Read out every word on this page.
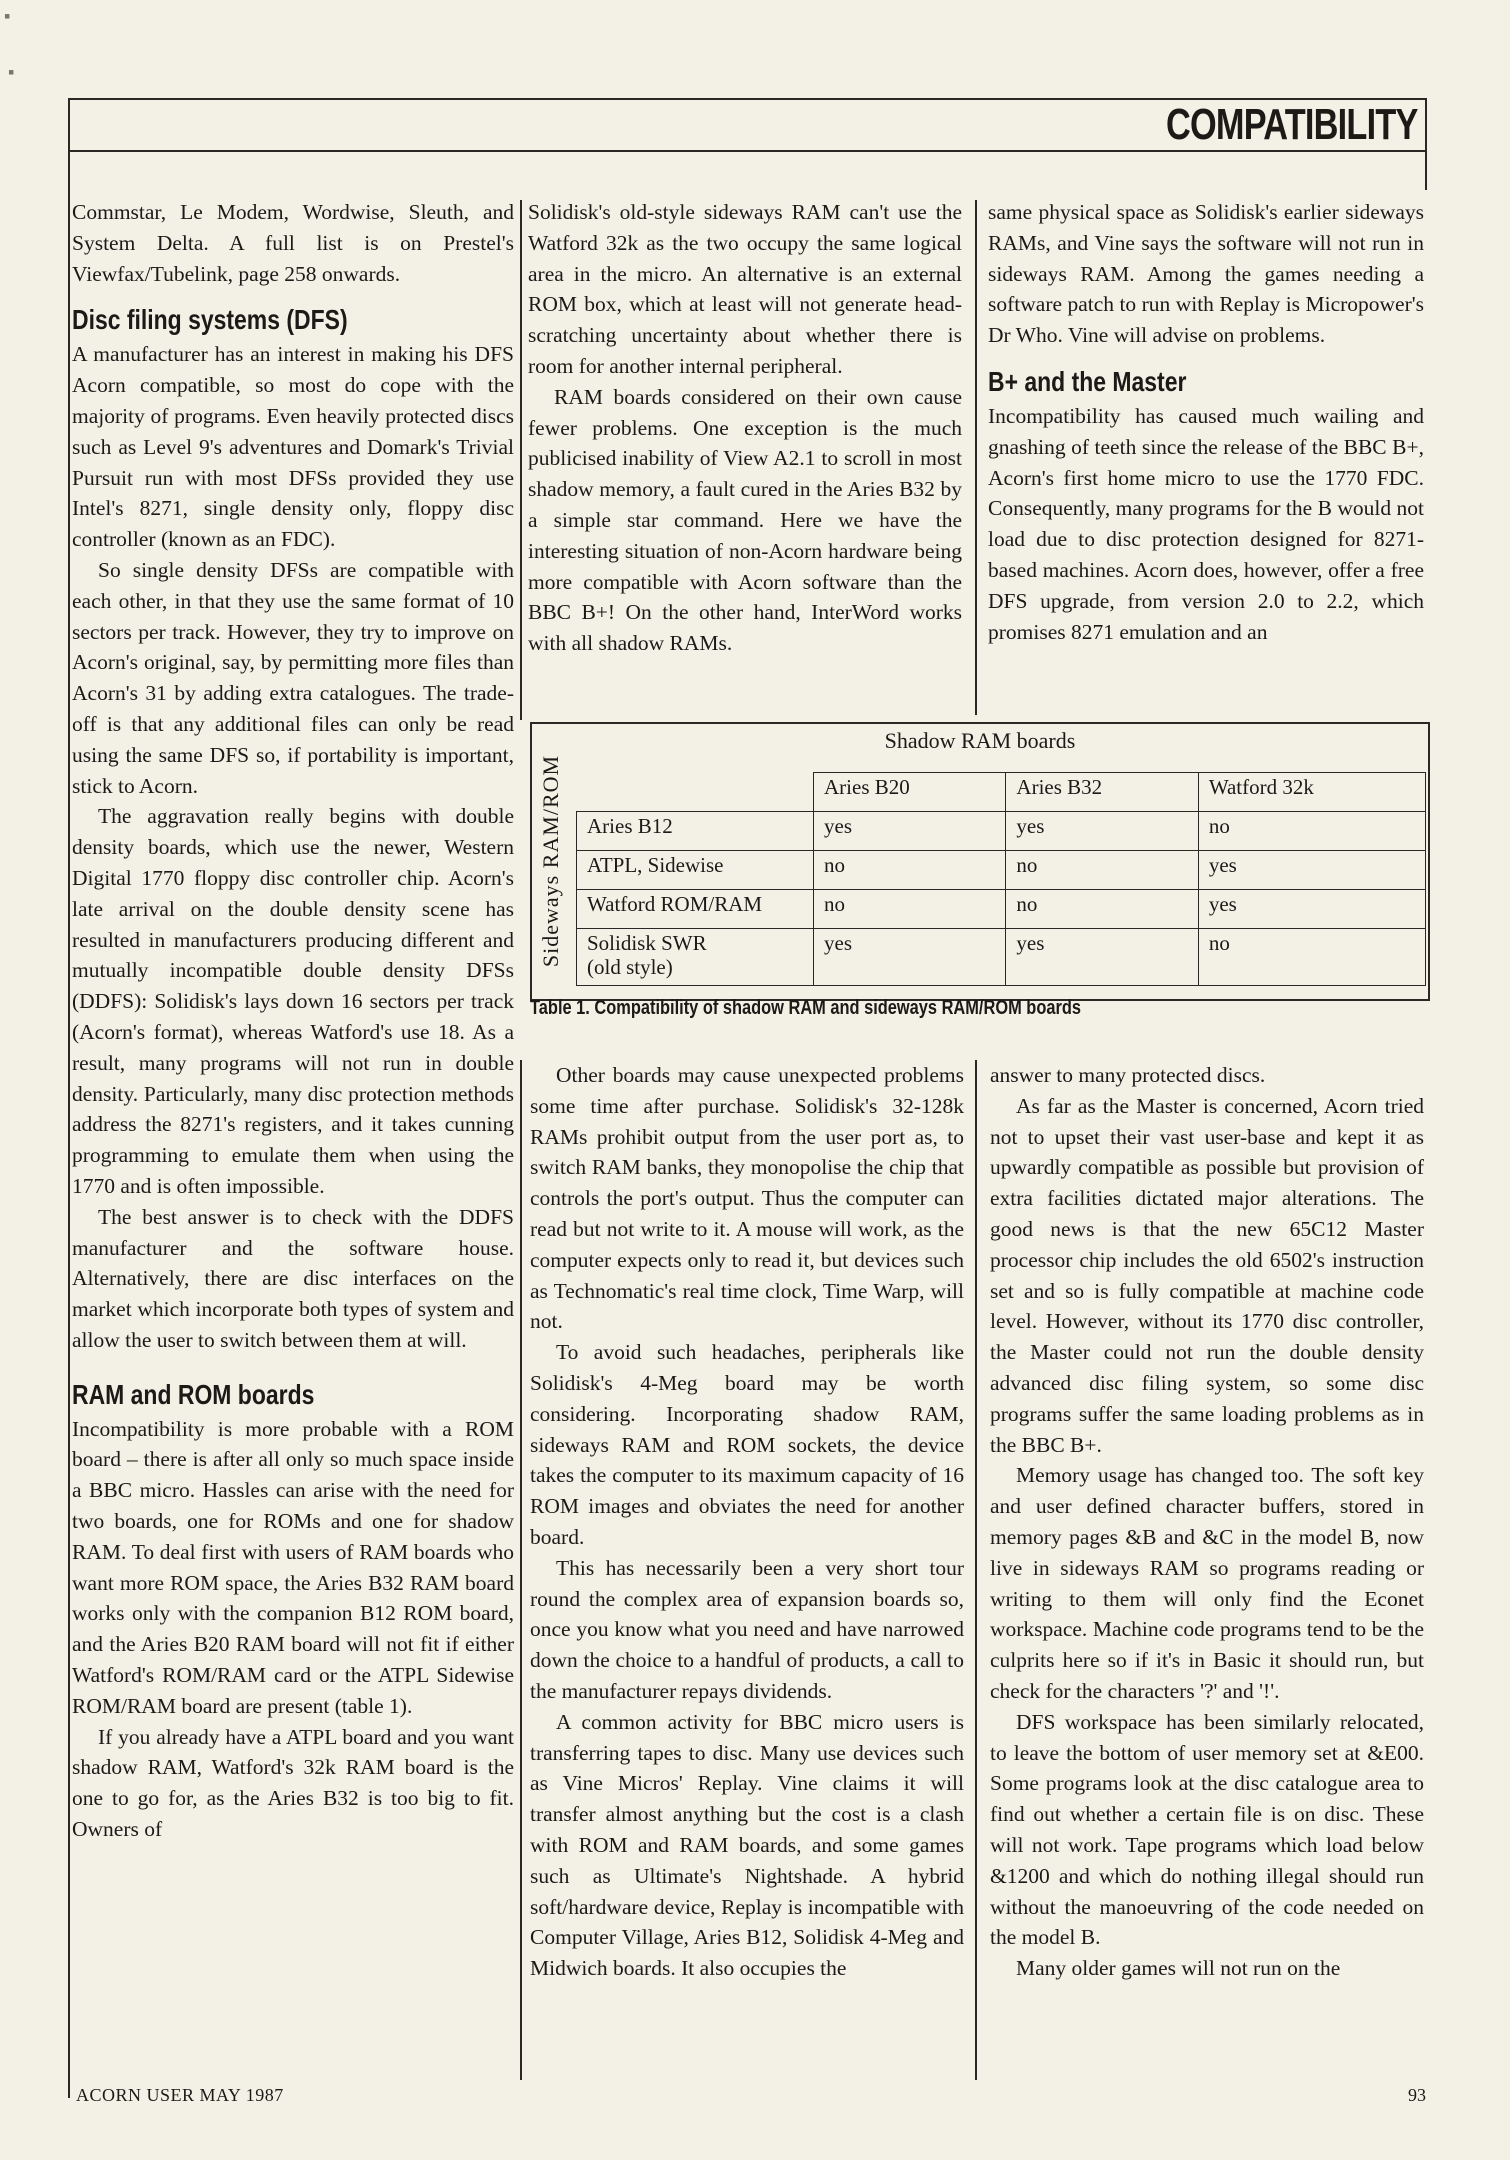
COMPATIBILITY
▪
▪

Commstar, Le Modem, Wordwise, Sleuth, and System Delta. A full list is on Prestel's Viewfax/Tubelink, page 258 onwards.

Disc filing systems (DFS)

A manufacturer has an interest in making his DFS Acorn compatible, so most do cope with the majority of programs. Even heavily protected discs such as Level 9's adventures and Domark's Trivial Pursuit run with most DFSs provided they use Intel's 8271, single density only, floppy disc controller (known as an FDC).

So single density DFSs are compatible with each other, in that they use the same format of 10 sectors per track. However, they try to improve on Acorn's original, say, by permitting more files than Acorn's 31 by adding extra catalogues. The trade-off is that any additional files can only be read using the same DFS so, if portability is important, stick to Acorn.

The aggravation really begins with double density boards, which use the newer, Western Digital 1770 floppy disc controller chip. Acorn's late arrival on the double density scene has resulted in manufacturers producing different and mutually incompatible double density DFSs (DDFS): Solidisk's lays down 16 sectors per track (Acorn's format), whereas Watford's use 18. As a result, many programs will not run in double density. Particularly, many disc protection methods address the 8271's registers, and it takes cunning programming to emulate them when using the 1770 and is often impossible.

The best answer is to check with the DDFS manufacturer and the software house. Alternatively, there are disc interfaces on the market which incorporate both types of system and allow the user to switch between them at will.

RAM and ROM boards

Incompatibility is more probable with a ROM board – there is after all only so much space inside a BBC micro. Hassles can arise with the need for two boards, one for ROMs and one for shadow RAM. To deal first with users of RAM boards who want more ROM space, the Aries B32 RAM board works only with the companion B12 ROM board, and the Aries B20 RAM board will not fit if either Watford's ROM/RAM card or the ATPL Sidewise ROM/RAM board are present (table 1).

If you already have a ATPL board and you want shadow RAM, Watford's 32k RAM board is the one to go for, as the Aries B32 is too big to fit. Owners of

Solidisk's old-style sideways RAM can't use the Watford 32k as the two occupy the same logical area in the micro. An alternative is an external ROM box, which at least will not generate head-scratching uncertainty about whether there is room for another internal peripheral.

RAM boards considered on their own cause fewer problems. One exception is the much publicised inability of View A2.1 to scroll in most shadow memory, a fault cured in the Aries B32 by a simple star command. Here we have the interesting situation of non-Acorn hardware being more compatible with Acorn software than the BBC B+! On the other hand, InterWord works with all shadow RAMs.

same physical space as Solidisk's earlier sideways RAMs, and Vine says the software will not run in sideways RAM. Among the games needing a software patch to run with Replay is Micropower's Dr Who. Vine will advise on problems.

B+ and the Master

Incompatibility has caused much wailing and gnashing of teeth since the release of the BBC B+, Acorn's first home micro to use the 1770 FDC. Consequently, many programs for the B would not load due to disc protection designed for 8271-based machines. Acorn does, however, offer a free DFS upgrade, from version 2.0 to 2.2, which promises 8271 emulation and an

Shadow RAM boards
Sideways RAM/ROM
		Aries B20	Aries B32	Watford 32k
Aries B12	yes	yes	no
ATPL, Sidewise	no	no	yes
Watford ROM/RAM	no	no	yes
Solidisk SWR
(old style)	yes	yes	no
Table 1. Compatibility of shadow RAM and sideways RAM/ROM boards

Other boards may cause unexpected problems some time after purchase. Solidisk's 32-128k RAMs prohibit output from the user port as, to switch RAM banks, they monopolise the chip that controls the port's output. Thus the computer can read but not write to it. A mouse will work, as the computer expects only to read it, but devices such as Technomatic's real time clock, Time Warp, will not.

To avoid such headaches, peripherals like Solidisk's 4-Meg board may be worth considering. Incorporating shadow RAM, sideways RAM and ROM sockets, the device takes the computer to its maximum capacity of 16 ROM images and obviates the need for another board.

This has necessarily been a very short tour round the complex area of expansion boards so, once you know what you need and have narrowed down the choice to a handful of products, a call to the manufacturer repays dividends.

A common activity for BBC micro users is transferring tapes to disc. Many use devices such as Vine Micros' Replay. Vine claims it will transfer almost anything but the cost is a clash with ROM and RAM boards, and some games such as Ultimate's Nightshade. A hybrid soft/hardware device, Replay is incompatible with Computer Village, Aries B12, Solidisk 4-Meg and Midwich boards. It also occupies the

answer to many protected discs.

As far as the Master is concerned, Acorn tried not to upset their vast user-base and kept it as upwardly compatible as possible but provision of extra facilities dictated major alterations. The good news is that the new 65C12 Master processor chip includes the old 6502's instruction set and so is fully compatible at machine code level. However, without its 1770 disc controller, the Master could not run the double density advanced disc filing system, so some disc programs suffer the same loading problems as in the BBC B+.

Memory usage has changed too. The soft key and user defined character buffers, stored in memory pages &B and &C in the model B, now live in sideways RAM so programs reading or writing to them will only find the Econet workspace. Machine code programs tend to be the culprits here so if it's in Basic it should run, but check for the characters '?' and '!'.

DFS workspace has been similarly relocated, to leave the bottom of user memory set at &E00. Some programs look at the disc catalogue area to find out whether a certain file is on disc. These will not work. Tape programs which load below &1200 and which do nothing illegal should run without the manoeuvring of the code needed on the model B.

Many older games will not run on the

ACORN USER MAY 1987	93
